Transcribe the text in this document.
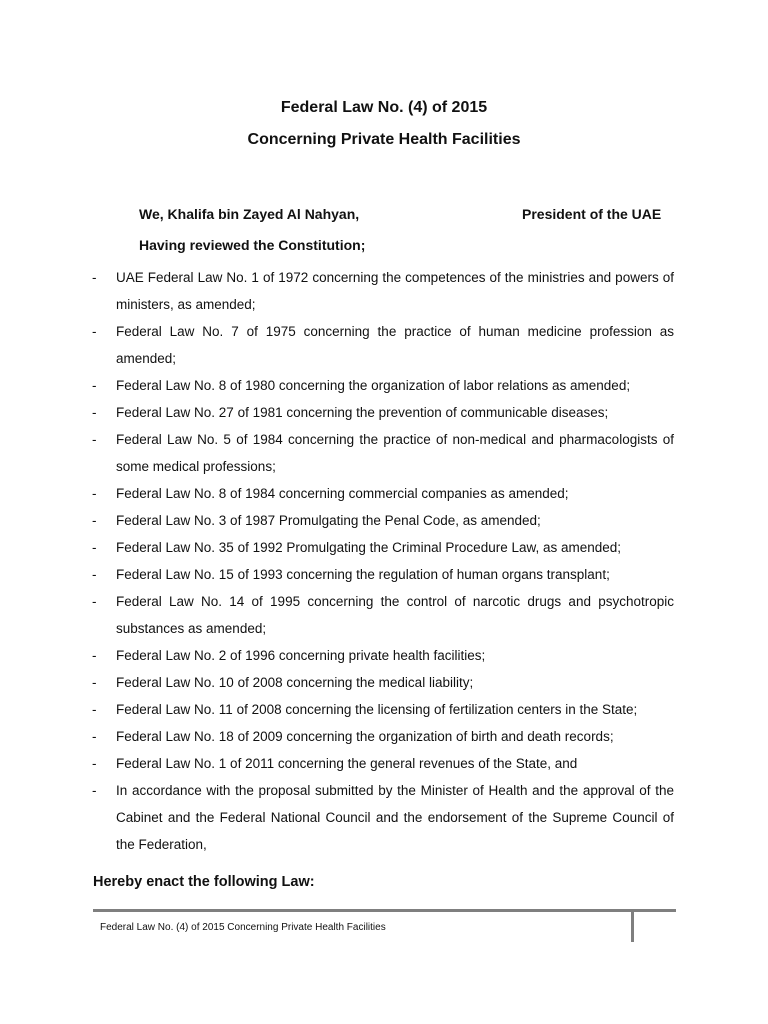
Federal Law No. (4) of 2015
Concerning Private Health Facilities
We, Khalifa bin Zayed Al Nahyan,	President of the UAE
Having reviewed the Constitution;
- UAE Federal Law No. 1 of 1972 concerning the competences of the ministries and powers of ministers, as amended;
- Federal Law No. 7 of 1975 concerning the practice of human medicine profession as amended;
- Federal Law No. 8 of 1980 concerning the organization of labor relations as amended;
- Federal Law No. 27 of 1981 concerning the prevention of communicable diseases;
- Federal Law No. 5 of 1984 concerning the practice of non-medical and pharmacologists of some medical professions;
- Federal Law No. 8 of 1984 concerning commercial companies as amended;
- Federal Law No. 3 of 1987 Promulgating the Penal Code, as amended;
- Federal Law No. 35 of 1992 Promulgating the Criminal Procedure Law, as amended;
- Federal Law No. 15 of 1993 concerning the regulation of human organs transplant;
- Federal Law No. 14 of 1995 concerning the control of narcotic drugs and psychotropic substances as amended;
- Federal Law No. 2 of 1996 concerning private health facilities;
- Federal Law No. 10 of 2008 concerning the medical liability;
- Federal Law No. 11 of 2008 concerning the licensing of fertilization centers in the State;
- Federal Law No. 18 of 2009 concerning the organization of birth and death records;
- Federal Law No. 1 of 2011 concerning the general revenues of the State, and
- In accordance with the proposal submitted by the Minister of Health and the approval of the Cabinet and the Federal National Council and the endorsement of the Supreme Council of the Federation,
Hereby enact the following Law:
Federal Law No. (4) of 2015 Concerning Private Health Facilities
